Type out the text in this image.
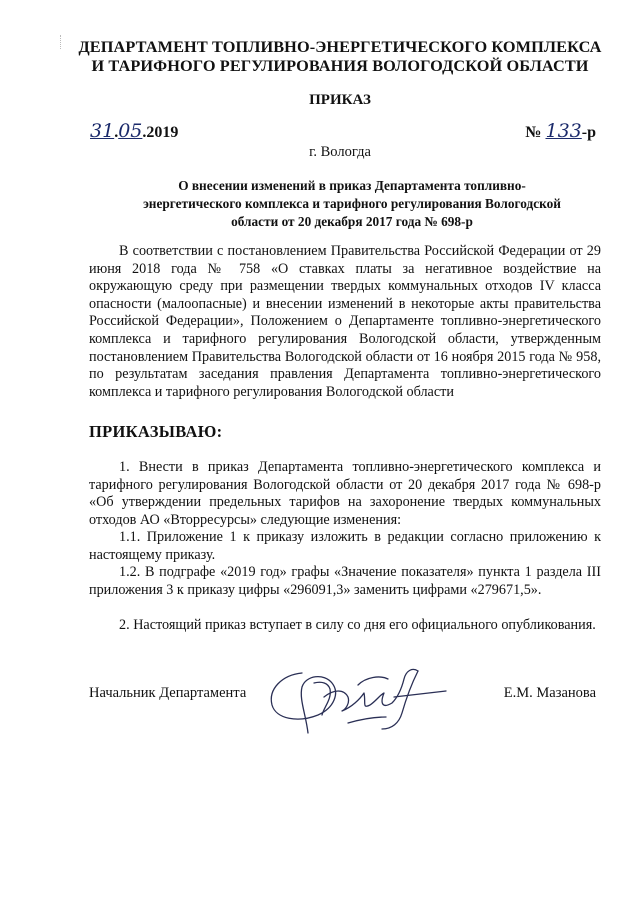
ДЕПАРТАМЕНТ ТОПЛИВНО-ЭНЕРГЕТИЧЕСКОГО КОМПЛЕКСА
И ТАРИФНОГО РЕГУЛИРОВАНИЯ ВОЛОГОДСКОЙ ОБЛАСТИ
ПРИКАЗ
31.05.2019	№ 133-р
г. Вологда
О внесении изменений в приказ Департамента топливно-
энергетического комплекса и тарифного регулирования Вологодской
области от 20 декабря 2017 года № 698-р

В соответствии с постановлением Правительства Российской Федерации от 29 июня 2018 года № 758 «О ставках платы за негативное воздействие на окружающую среду при размещении твердых коммунальных отходов IV класса опасности (малоопасные) и внесении изменений в некоторые акты правительства Российской Федерации», Положением о Департаменте топливно-энергетического комплекса и тарифного регулирования Вологодской области, утвержденным постановлением Правительства Вологодской области от 16 ноября 2015 года № 958, по результатам заседания правления Департамента топливно-энергетического комплекса и тарифного регулирования Вологодской области

ПРИКАЗЫВАЮ:

1. Внести в приказ Департамента топливно-энергетического комплекса и тарифного регулирования Вологодской области от 20 декабря 2017 года № 698-р «Об утверждении предельных тарифов на захоронение твердых коммунальных отходов АО «Вторресурсы» следующие изменения:

1.1. Приложение 1 к приказу изложить в редакции согласно приложению к настоящему приказу.

1.2. В подграфе «2019 год» графы «Значение показателя» пункта 1 раздела III приложения 3 к приказу цифры «296091,3» заменить цифрами «279671,5».

2. Настоящий приказ вступает в силу со дня его официального опубликования.

Начальник Департамента	Е.М. Мазанова
